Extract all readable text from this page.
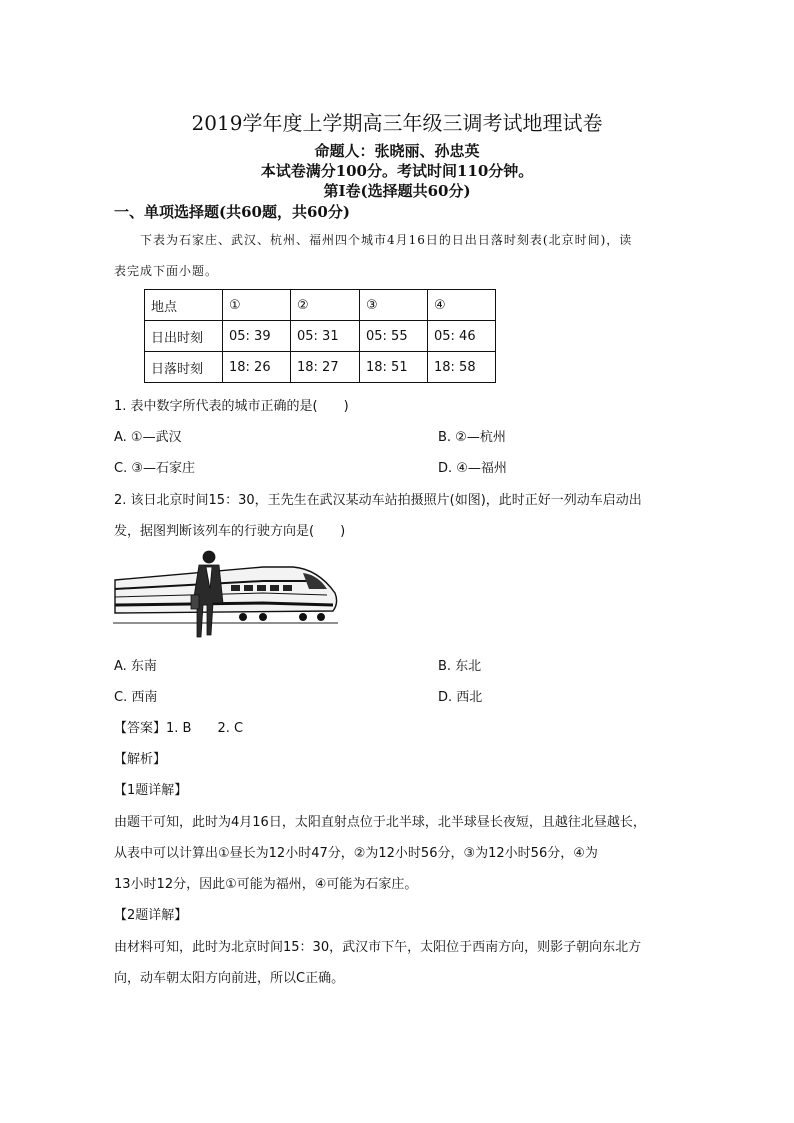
2019学年度上学期高三年级三调考试地理试卷
命题人：张晓丽、孙忠英
本试卷满分100分。考试时间110分钟。
第Ⅰ卷(选择题共60分)
一、单项选择题(共60题，共60分)
下表为石家庄、武汉、杭州、福州四个城市4月16日的日出日落时刻表(北京时间)，读
表完成下面小题。
地点	①	②	③	④
日出时刻	05: 39	05: 31	05: 55	05: 46
日落时刻	18: 26	18: 27	18: 51	18: 58
1. 表中数字所代表的城市正确的是(　　)
A. ①—武汉	B. ②—杭州
C. ③—石家庄	D. ④—福州
2. 该日北京时间15：30，王先生在武汉某动车站拍摄照片(如图)，此时正好一列动车启动出
发，据图判断该列车的行驶方向是(　　)
A. 东南	B. 东北
C. 西南	D. 西北
【答案】1. B　　2. C
【解析】
【1题详解】
由题干可知，此时为4月16日，太阳直射点位于北半球，北半球昼长夜短，且越往北昼越长，
从表中可以计算出①昼长为12小时47分，②为12小时56分，③为12小时56分，④为
13小时12分，因此①可能为福州，④可能为石家庄。
【2题详解】
由材料可知，此时为北京时间15：30，武汉市下午，太阳位于西南方向，则影子朝向东北方
向，动车朝太阳方向前进，所以C正确。
